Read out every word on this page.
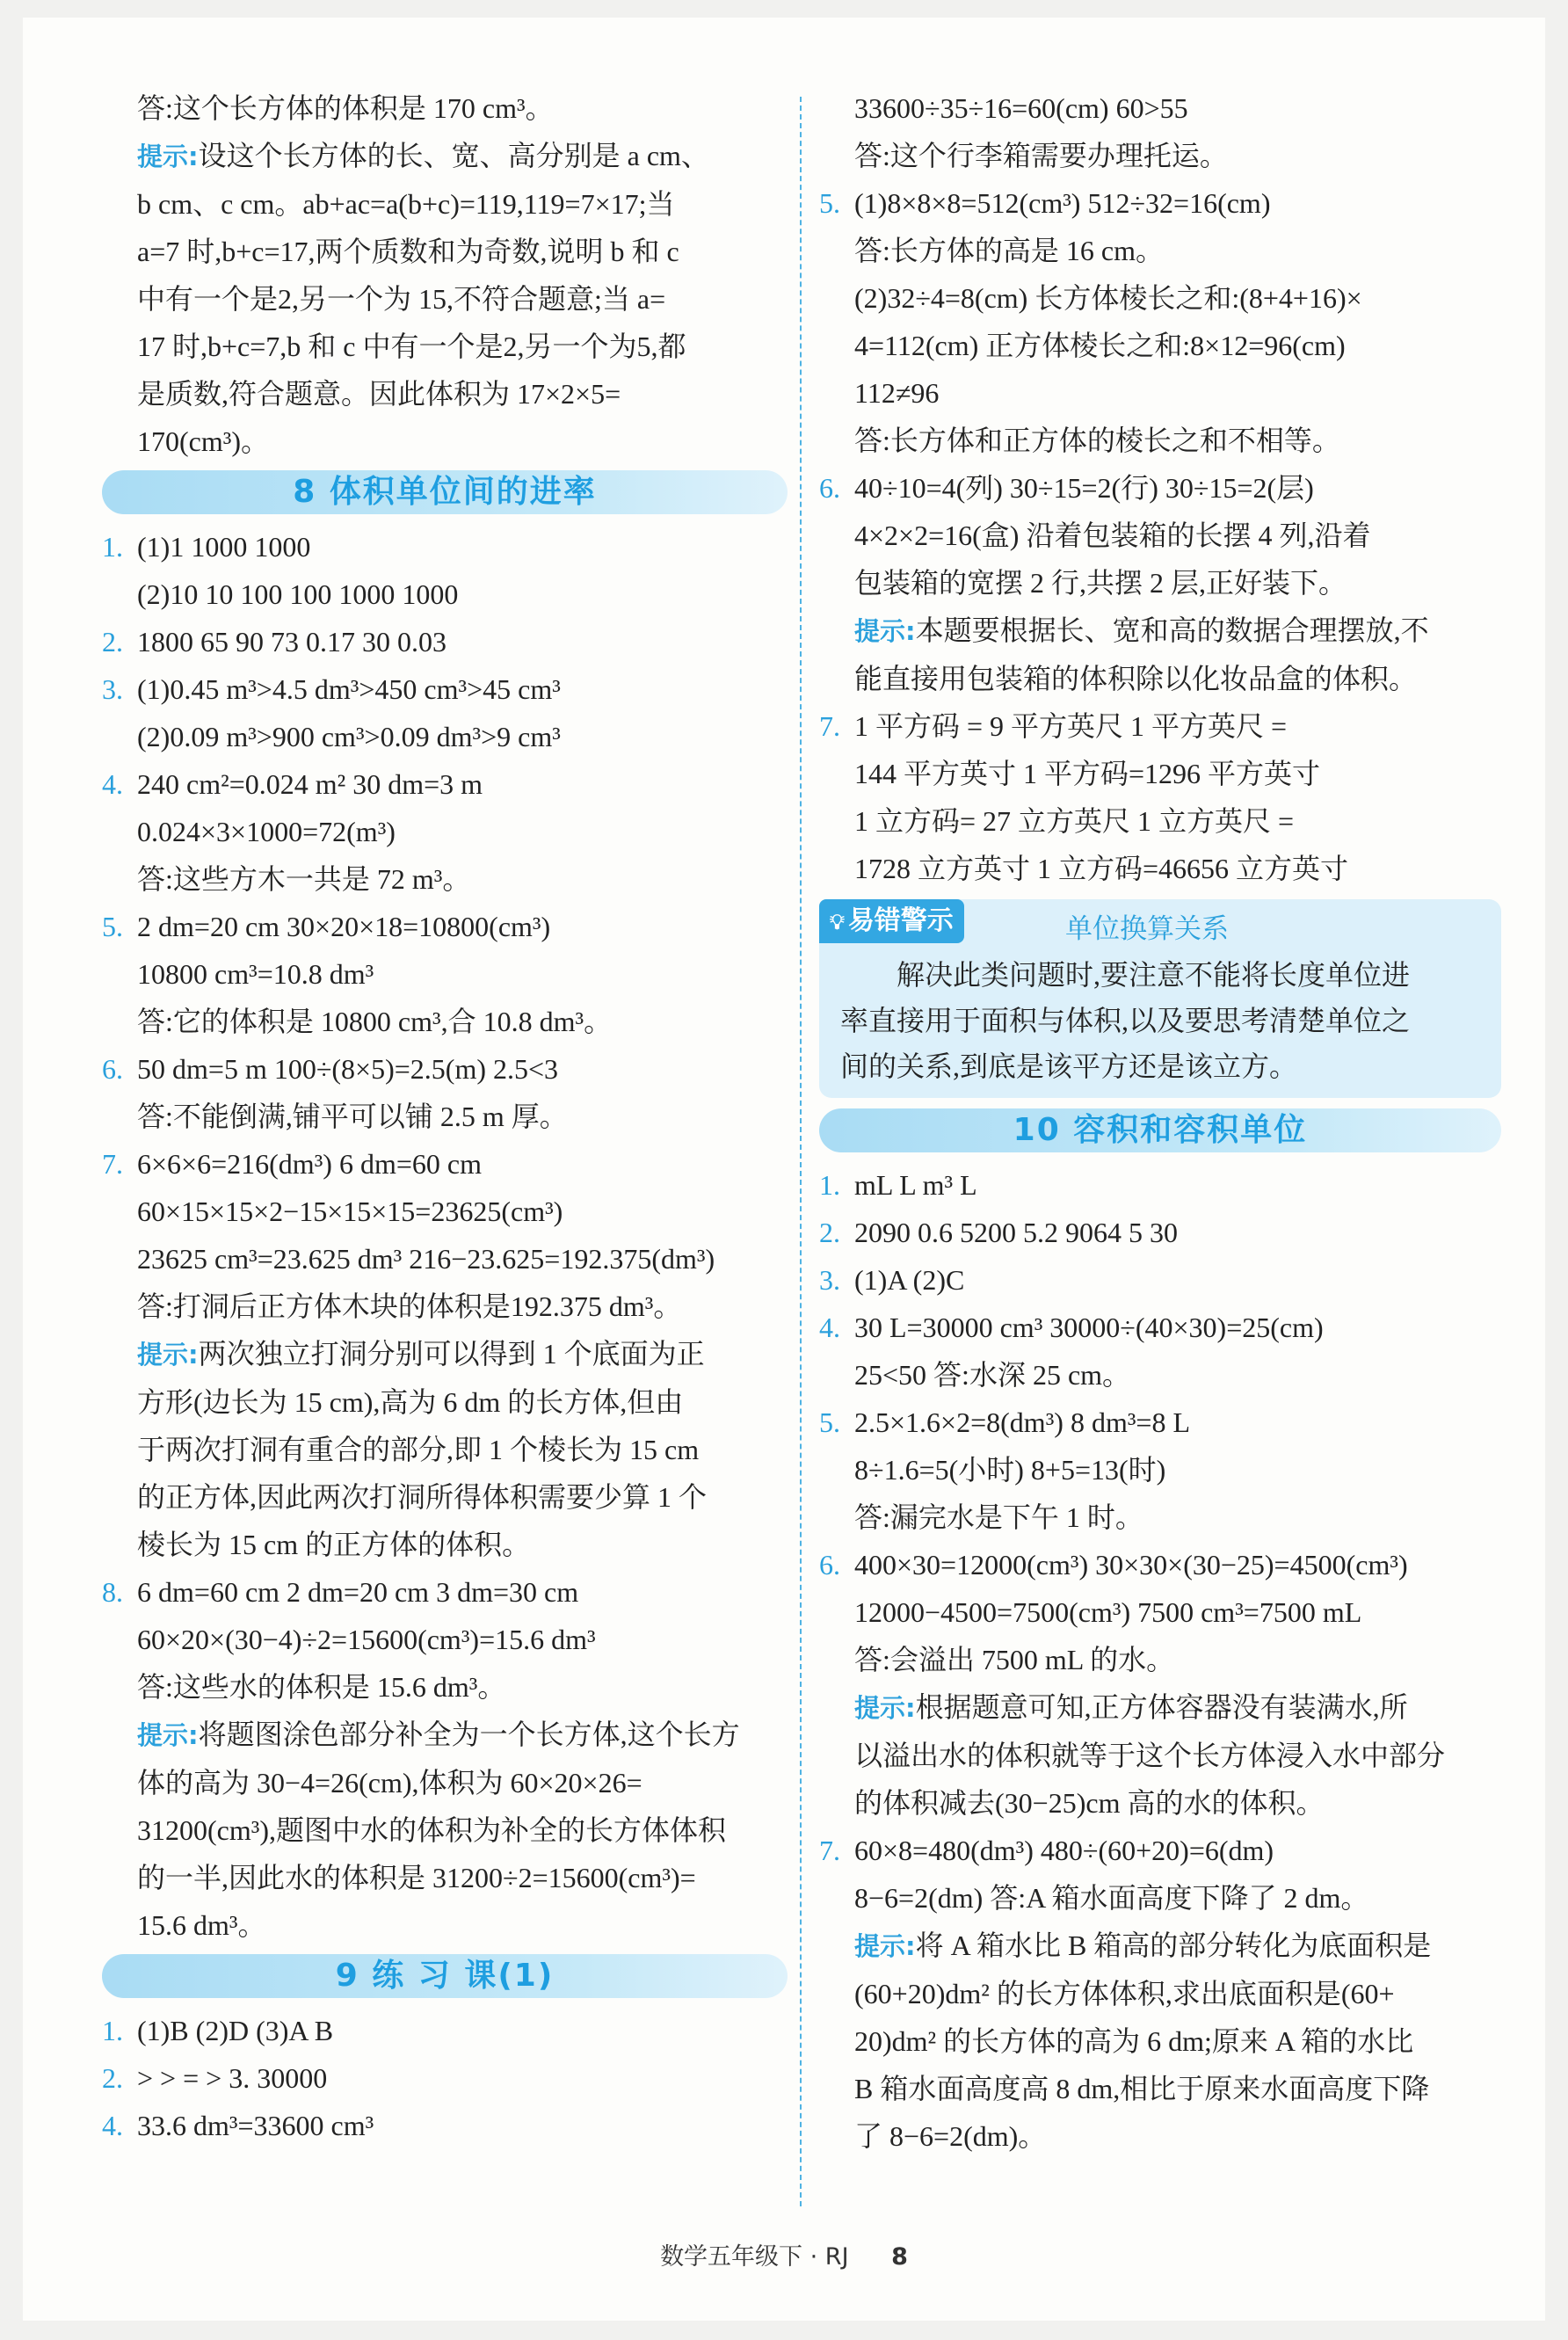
答:这个长方体的体积是 170 cm³。
提示:设这个长方体的长、宽、高分别是 a cm、
b cm、c cm。ab+ac=a(b+c)=119,119=7×17;当
a=7 时,b+c=17,两个质数和为奇数,说明 b 和 c
中有一个是2,另一个为 15,不符合题意;当 a=
17 时,b+c=7,b 和 c 中有一个是2,另一个为5,都
是质数,符合题意。因此体积为 17×2×5=
170(cm³)。
8 体积单位间的进率
1. (1)1 1000 1000
(2)10 10 100 100 1000 1000
2. 1800 65 90 73 0.17 30 0.03
3. (1)0.45 m³>4.5 dm³>450 cm³>45 cm³
(2)0.09 m³>900 cm³>0.09 dm³>9 cm³
4. 240 cm²=0.024 m² 30 dm=3 m
0.024×3×1000=72(m³)
答:这些方木一共是 72 m³。
5. 2 dm=20 cm 30×20×18=10800(cm³)
10800 cm³=10.8 dm³
答:它的体积是 10800 cm³,合 10.8 dm³。
6. 50 dm=5 m 100÷(8×5)=2.5(m) 2.5<3
答:不能倒满,铺平可以铺 2.5 m 厚。
7. 6×6×6=216(dm³) 6 dm=60 cm
60×15×15×2−15×15×15=23625(cm³)
23625 cm³=23.625 dm³ 216−23.625=192.375(dm³)
答:打洞后正方体木块的体积是192.375 dm³。
提示:两次独立打洞分别可以得到 1 个底面为正
方形(边长为 15 cm),高为 6 dm 的长方体,但由
于两次打洞有重合的部分,即 1 个棱长为 15 cm
的正方体,因此两次打洞所得体积需要少算 1 个
棱长为 15 cm 的正方体的体积。
8. 6 dm=60 cm 2 dm=20 cm 3 dm=30 cm
60×20×(30−4)÷2=15600(cm³)=15.6 dm³
答:这些水的体积是 15.6 dm³。
提示:将题图涂色部分补全为一个长方体,这个长方
体的高为 30−4=26(cm),体积为 60×20×26=
31200(cm³),题图中水的体积为补全的长方体体积
的一半,因此水的体积是 31200÷2=15600(cm³)=
15.6 dm³。
9 练 习 课(1)
1. (1)B (2)D (3)A B
2. > > = > 3. 30000
4. 33.6 dm³=33600 cm³
33600÷35÷16=60(cm) 60>55
答:这个行李箱需要办理托运。
5. (1)8×8×8=512(cm³) 512÷32=16(cm)
答:长方体的高是 16 cm。
(2)32÷4=8(cm) 长方体棱长之和:(8+4+16)×
4=112(cm) 正方体棱长之和:8×12=96(cm)
112≠96
答:长方体和正方体的棱长之和不相等。
6. 40÷10=4(列) 30÷15=2(行) 30÷15=2(层)
4×2×2=16(盒) 沿着包装箱的长摆 4 列,沿着
包装箱的宽摆 2 行,共摆 2 层,正好装下。
提示:本题要根据长、宽和高的数据合理摆放,不
能直接用包装箱的体积除以化妆品盒的体积。
7. 1 平方码 = 9 平方英尺 1 平方英尺 =
144 平方英寸 1 平方码=1296 平方英寸
1 立方码= 27 立方英尺 1 立方英尺 =
1728 立方英寸 1 立方码=46656 立方英寸
💡︎ 易错警示	单位换算关系
　　解决此类问题时,要注意不能将长度单位进
率直接用于面积与体积,以及要思考清楚单位之
间的关系,到底是该平方还是该立方。
10 容积和容积单位
1. mL L m³ L
2. 2090 0.6 5200 5.2 9064 5 30
3. (1)A (2)C
4. 30 L=30000 cm³ 30000÷(40×30)=25(cm)
25<50 答:水深 25 cm。
5. 2.5×1.6×2=8(dm³) 8 dm³=8 L
8÷1.6=5(小时) 8+5=13(时)
答:漏完水是下午 1 时。
6. 400×30=12000(cm³) 30×30×(30−25)=4500(cm³)
12000−4500=7500(cm³) 7500 cm³=7500 mL
答:会溢出 7500 mL 的水。
提示:根据题意可知,正方体容器没有装满水,所
以溢出水的体积就等于这个长方体浸入水中部分
的体积减去(30−25)cm 高的水的体积。
7. 60×8=480(dm³) 480÷(60+20)=6(dm)
8−6=2(dm) 答:A 箱水面高度下降了 2 dm。
提示:将 A 箱水比 B 箱高的部分转化为底面积是
(60+20)dm² 的长方体体积,求出底面积是(60+
20)dm² 的长方体的高为 6 dm;原来 A 箱的水比
B 箱水面高度高 8 dm,相比于原来水面高度下降
了 8−6=2(dm)。
数学五年级下 · RJ 8
